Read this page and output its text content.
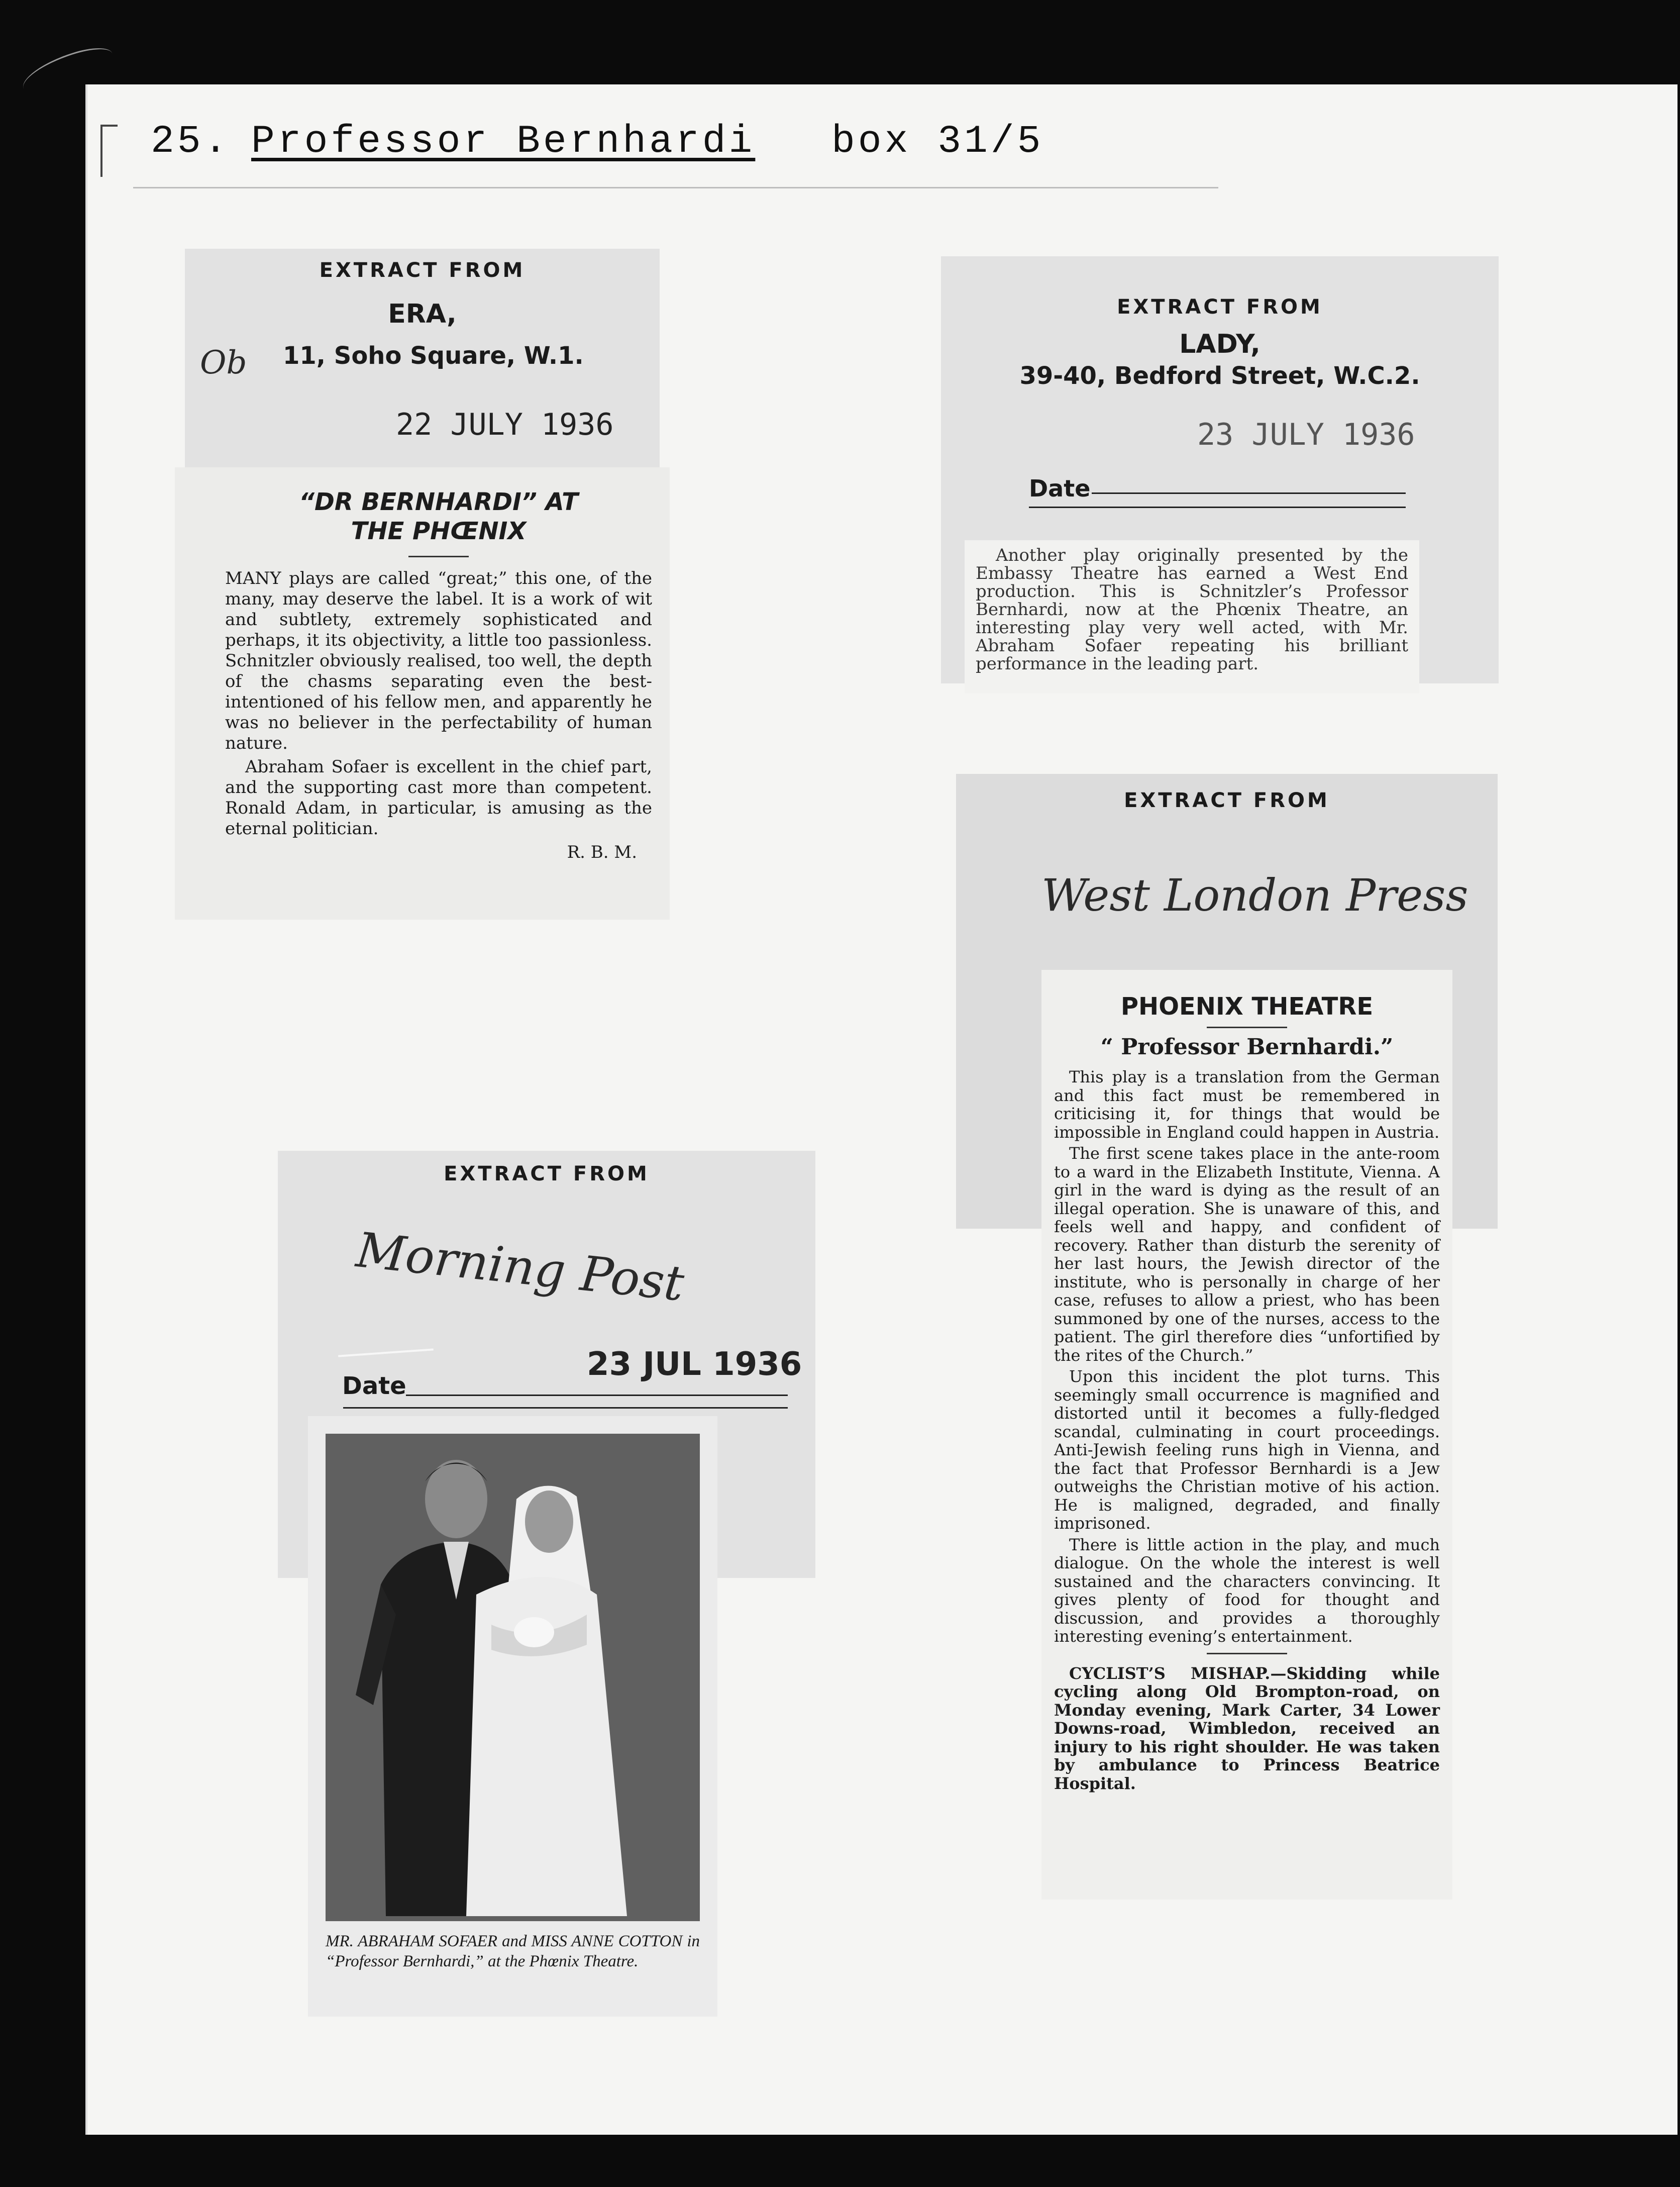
25. Professor Bernhardi box 31/5
EXTRACT FROM
ERA,
11, Soho Square, W.1.
Ob
22 JULY 1936
“DR BERNHARDI” AT
THE PHŒNIX

MANY plays are called “great;” this one, of the many, may deserve the label. It is a work of wit and subtlety, extremely sophisticated and perhaps, it its objectivity, a little too passionless. Schnitzler obviously realised, too well, the depth of the chasms separating even the best-intentioned of his fellow men, and apparently he was no believer in the perfectability of human nature.

Abraham Sofaer is excellent in the chief part, and the supporting cast more than competent. Ronald Adam, in particular, is amusing as the eternal politician.

R. B. M.
EXTRACT FROM
LADY,
39-40, Bedford Street, W.C.2.
23 JULY 1936
Date
Another play originally presented by the Embassy Theatre has earned a West End production. This is Schnitzler’s Professor Bernhardi, now at the Phœnix Theatre, an interesting play very well acted, with Mr. Abraham Sofaer repeating his brilliant performance in the leading part.
EXTRACT FROM
West London Press
PHOENIX THEATRE
“ Professor Bernhardi.”

This play is a translation from the German and this fact must be remembered in criticising it, for things that would be impossible in England could happen in Austria.

The first scene takes place in the ante-room to a ward in the Elizabeth Institute, Vienna. A girl in the ward is dying as the result of an illegal operation. She is unaware of this, and feels well and happy, and confident of recovery. Rather than disturb the serenity of her last hours, the Jewish director of the institute, who is personally in charge of her case, refuses to allow a priest, who has been summoned by one of the nurses, access to the patient. The girl therefore dies “unfortified by the rites of the Church.”

Upon this incident the plot turns. This seemingly small occurrence is magnified and distorted until it becomes a fully-fledged scandal, culminating in court proceedings. Anti-Jewish feeling runs high in Vienna, and the fact that Professor Bernhardi is a Jew outweighs the Christian motive of his action. He is maligned, degraded, and finally imprisoned.

There is little action in the play, and much dialogue. On the whole the interest is well sustained and the characters convincing. It gives plenty of food for thought and discussion, and provides a thoroughly interesting evening’s entertainment.

CYCLIST’S MISHAP.—Skidding while cycling along Old Brompton-road, on Monday evening, Mark Carter, 34 Lower Downs-road, Wimbledon, received an injury to his right shoulder. He was taken by ambulance to Princess Beatrice Hospital.

EXTRACT FROM
Morning Post
23 JUL 1936
Date
MR. ABRAHAM SOFAER and MISS ANNE COTTON in “Professor Bernhardi,” at the Phœnix Theatre.
